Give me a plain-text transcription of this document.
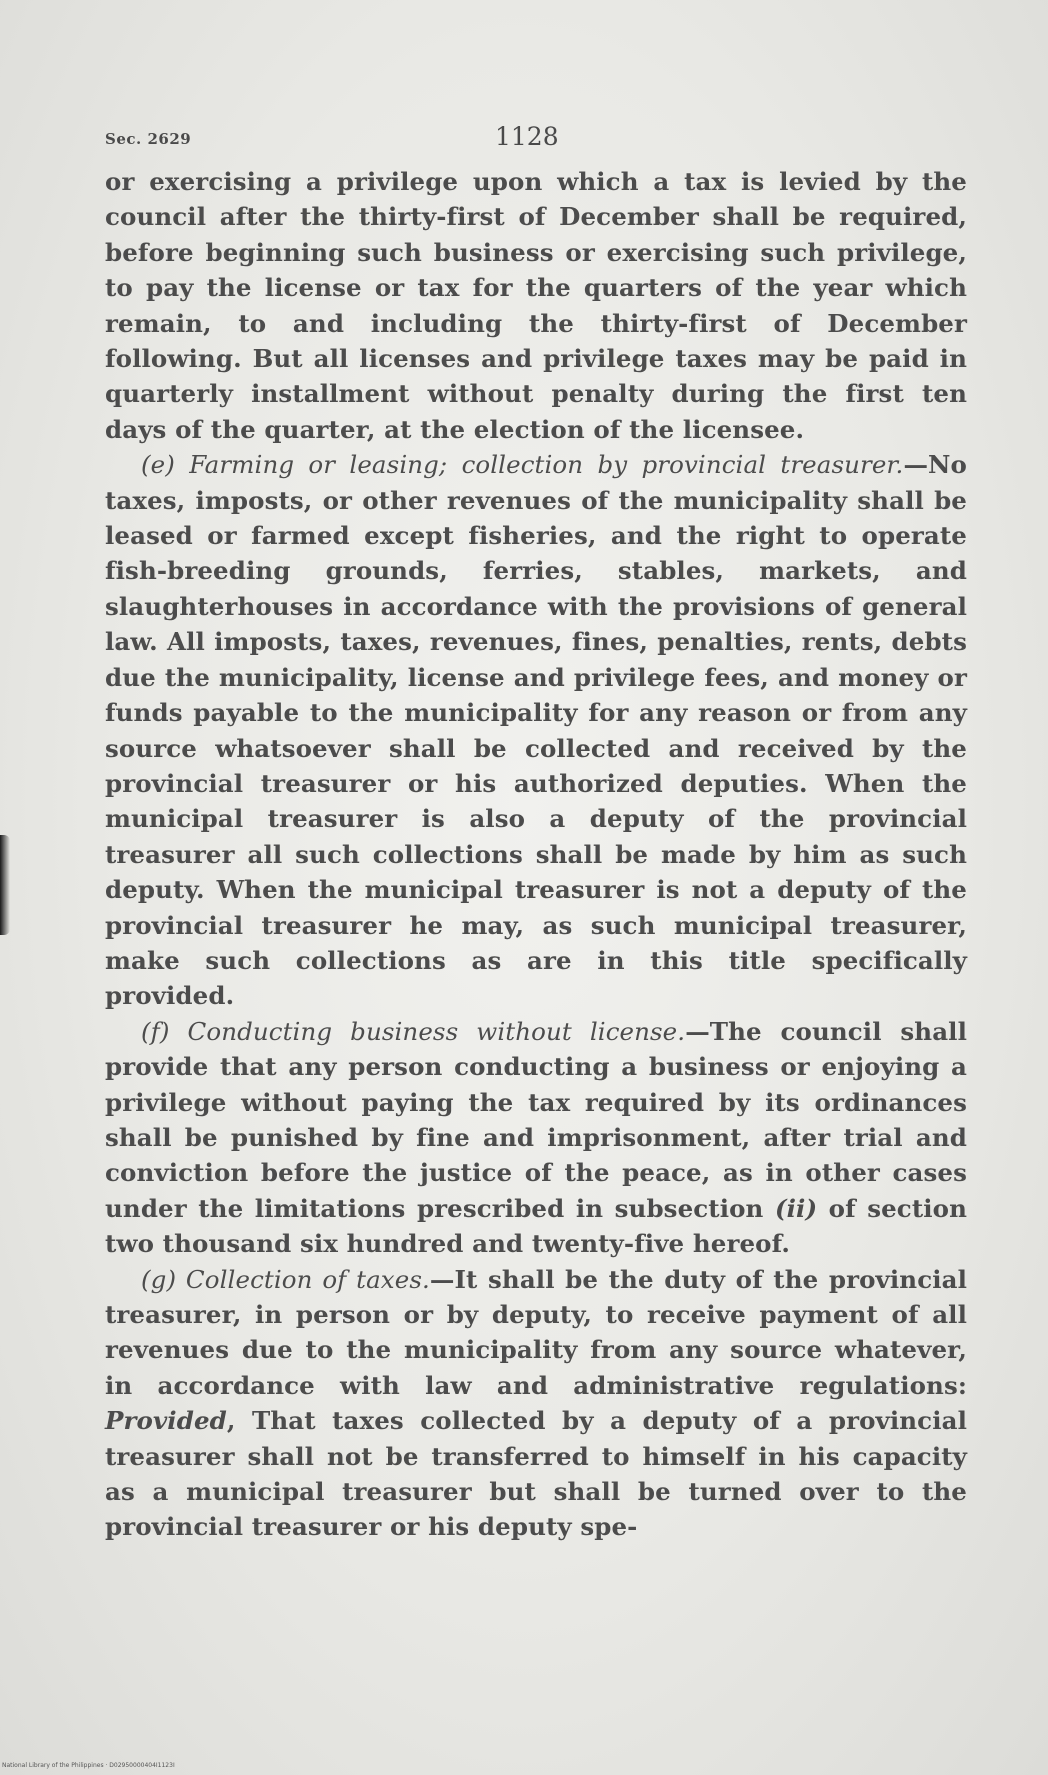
Sec. 2629	1128

or exercising a privilege upon which a tax is levied by the council after the thirty-first of December shall be required, before beginning such business or exercising such privilege, to pay the license or tax for the quarters of the year which remain, to and including the thirty-first of December following. But all licenses and privilege taxes may be paid in quarterly installment without penalty during the first ten days of the quarter, at the election of the licensee.

(e) Farming or leasing; collection by provincial treasurer.—No taxes, imposts, or other revenues of the municipality shall be leased or farmed except fisheries, and the right to operate fish-breeding grounds, ferries, stables, markets, and slaughterhouses in accordance with the provisions of general law. All imposts, taxes, revenues, fines, penalties, rents, debts due the municipality, license and privilege fees, and money or funds payable to the municipality for any reason or from any source whatsoever shall be collected and received by the provincial treasurer or his authorized deputies. When the municipal treasurer is also a deputy of the provincial treasurer all such collections shall be made by him as such deputy. When the municipal treasurer is not a deputy of the provincial treasurer he may, as such municipal treasurer, make such collections as are in this title specifically provided.

(f) Conducting business without license.—The council shall provide that any person conducting a business or enjoying a privilege without paying the tax required by its ordinances shall be punished by fine and imprisonment, after trial and conviction before the justice of the peace, as in other cases under the limitations prescribed in subsection (ii) of section two thousand six hundred and twenty-five hereof.

(g) Collection of taxes.—It shall be the duty of the provincial treasurer, in person or by deputy, to receive payment of all revenues due to the municipality from any source whatever, in accordance with law and administrative regulations: Provided, That taxes collected by a deputy of a provincial treasurer shall not be transferred to himself in his capacity as a municipal treasurer but shall be turned over to the provincial treasurer or his deputy spe-

National Library of the Philippines · D02950000404I1123I
